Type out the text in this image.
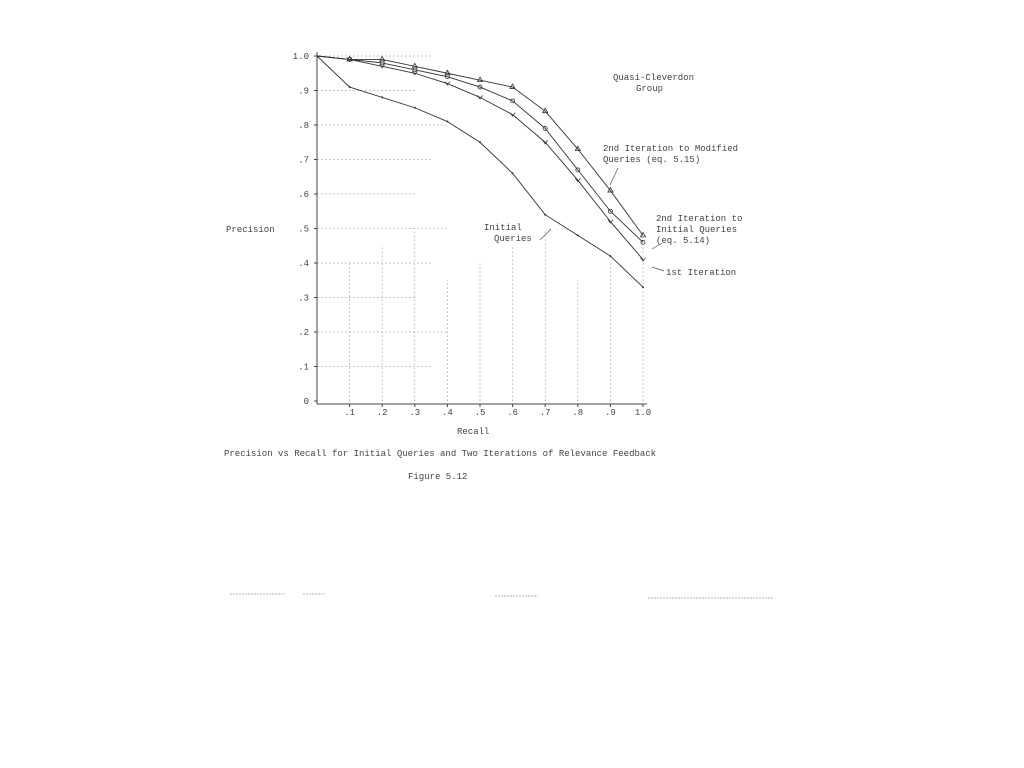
0
.1
.2
.3
.4
.5
.6
.7
.8
.9
1.0
.1 .2 .3 .4 .5 .6 .7 .8 .9 1.0
2nd Iteration to Modified Queries (eq. 5.15)
2nd Iteration to Initial Queries (eq. 5.14)
1st Iteration
Initial Queries
Quasi-Cleverdon Group
Precision
Recall
Precision vs Recall for Initial Queries and Two Iterations of Relevance Feedback
Figure 5.12
